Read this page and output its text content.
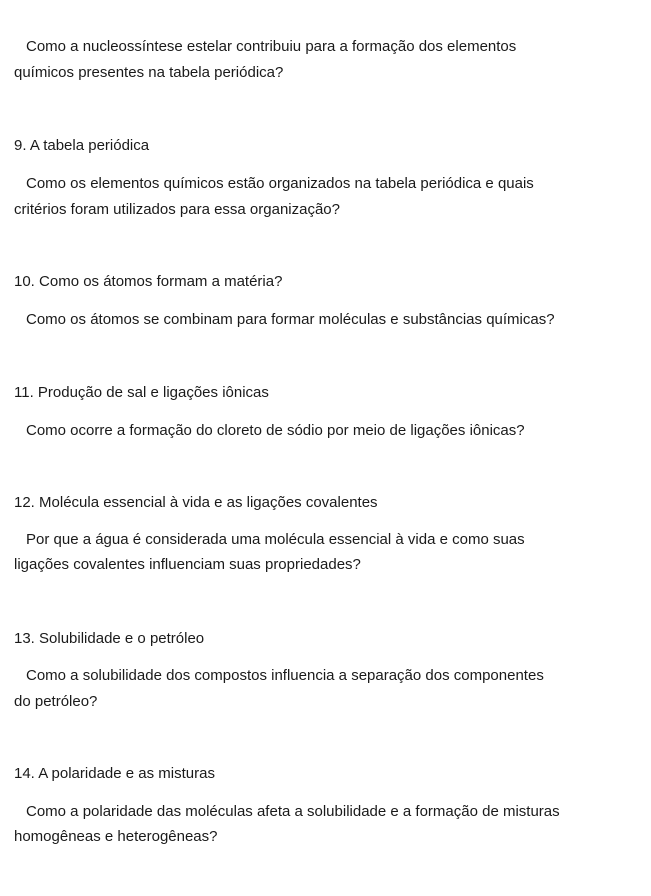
Como a nucleossíntese estelar contribuiu para a formação dos elementos
químicos presentes na tabela periódica?
9. A tabela periódica
Como os elementos químicos estão organizados na tabela periódica e quais
critérios foram utilizados para essa organização?
10. Como os átomos formam a matéria?
Como os átomos se combinam para formar moléculas e substâncias químicas?
11. Produção de sal e ligações iônicas
Como ocorre a formação do cloreto de sódio por meio de ligações iônicas?
12. Molécula essencial à vida e as ligações covalentes
Por que a água é considerada uma molécula essencial à vida e como suas
ligações covalentes influenciam suas propriedades?
13. Solubilidade e o petróleo
Como a solubilidade dos compostos influencia a separação dos componentes
do petróleo?
14. A polaridade e as misturas
Como a polaridade das moléculas afeta a solubilidade e a formação de misturas
homogêneas e heterogêneas?
